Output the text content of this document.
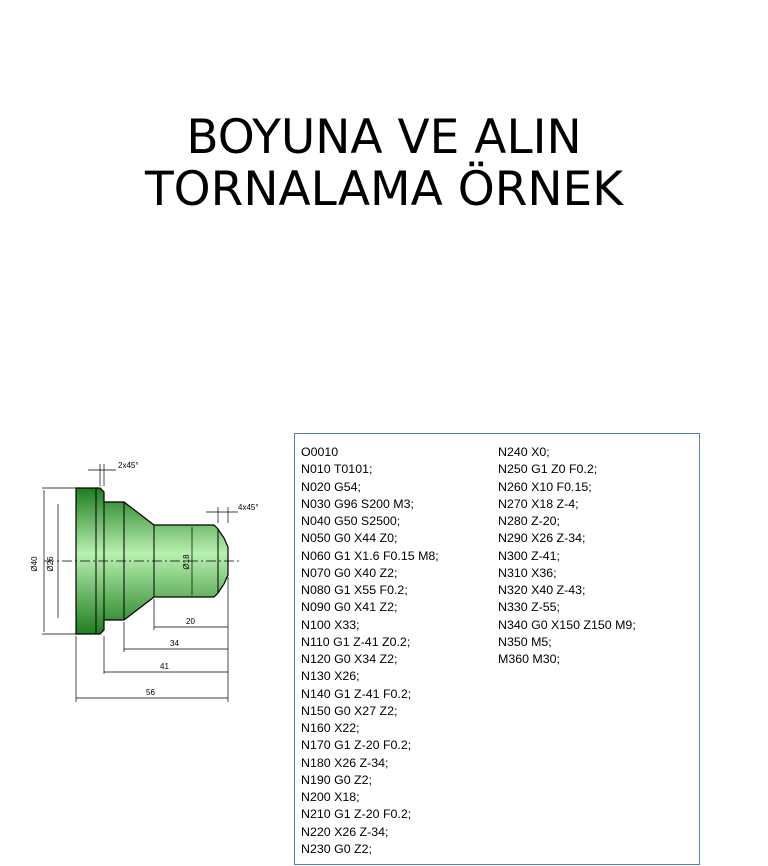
BOYUNA VE ALIN
TORNALAMA ÖRNEK
Ø40 Ø26	Ø18
2x45°
4x45°
20
34
41
56
O0010
N010 T0101;
N020 G54;
N030 G96 S200 M3;
N040 G50 S2500;
N050 G0 X44 Z0;
N060 G1 X1.6 F0.15 M8;
N070 G0 X40 Z2;
N080 G1 X55 F0.2;
N090 G0 X41 Z2;
N100 X33;
N110 G1 Z-41 Z0.2;
N120 G0 X34 Z2;
N130 X26;
N140 G1 Z-41 F0.2;
N150 G0 X27 Z2;
N160 X22;
N170 G1 Z-20 F0.2;
N180 X26 Z-34;
N190 G0 Z2;
N200 X18;
N210 G1 Z-20 F0.2;
N220 X26 Z-34;
N230 G0 Z2;
N240 X0;
N250 G1 Z0 F0.2;
N260 X10 F0.15;
N270 X18 Z-4;
N280 Z-20;
N290 X26 Z-34;
N300 Z-41;
N310 X36;
N320 X40 Z-43;
N330 Z-55;
N340 G0 X150 Z150 M9;
N350 M5;
M360 M30;
